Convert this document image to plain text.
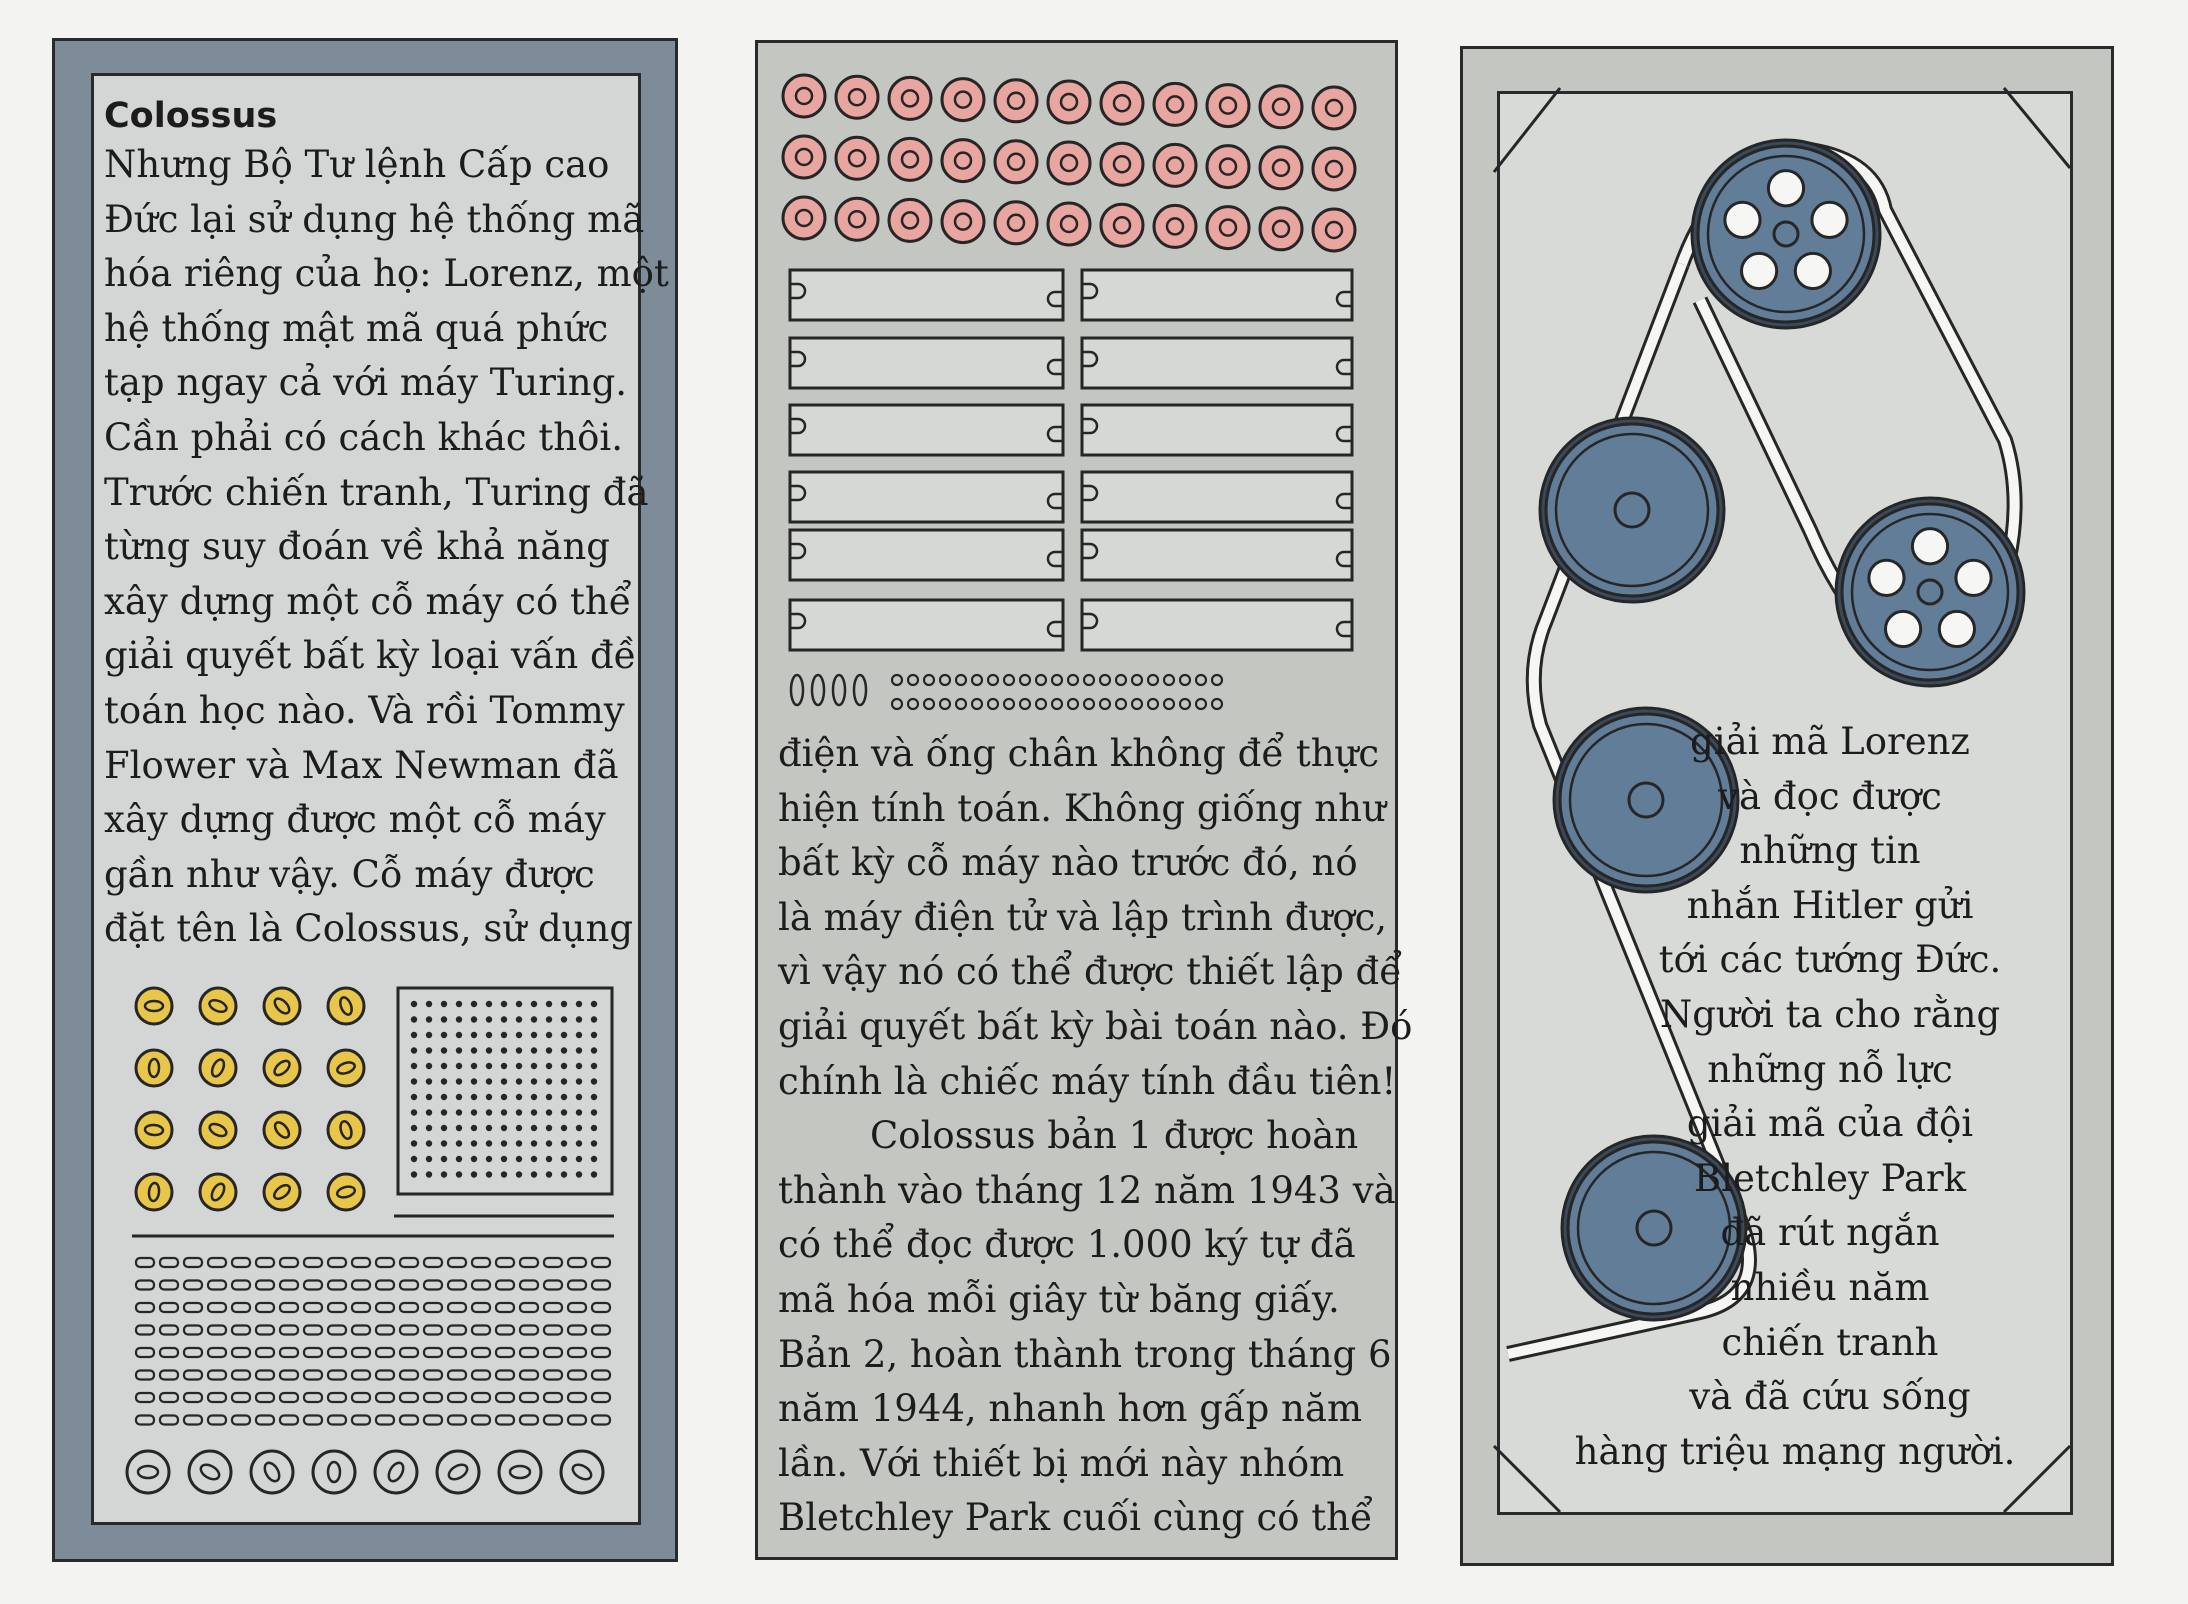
Colossus

Nhưng Bộ Tư lệnh Cấp cao
Đức lại sử dụng hệ thống mã
hóa riêng của họ: Lorenz, một
hệ thống mật mã quá phức
tạp ngay cả với máy Turing.
Cần phải có cách khác thôi.
Trước chiến tranh, Turing đã
từng suy đoán về khả năng
xây dựng một cỗ máy có thể
giải quyết bất kỳ loại vấn đề
toán học nào. Và rồi Tommy
Flower và Max Newman đã
xây dựng được một cỗ máy
gần như vậy. Cỗ máy được
đặt tên là Colossus, sử dụng

điện và ống chân không để thực
hiện tính toán. Không giống như
bất kỳ cỗ máy nào trước đó, nó
là máy điện tử và lập trình được,
vì vậy nó có thể được thiết lập để
giải quyết bất kỳ bài toán nào. Đó
chính là chiếc máy tính đầu tiên!
Colossus bản 1 được hoàn
thành vào tháng 12 năm 1943 và
có thể đọc được 1.000 ký tự đã
mã hóa mỗi giây từ băng giấy.
Bản 2, hoàn thành trong tháng 6
năm 1944, nhanh hơn gấp năm
lần. Với thiết bị mới này nhóm
Bletchley Park cuối cùng có thể

giải mã Lorenz
và đọc được
những tin
nhắn Hitler gửi
tới các tướng Đức.
Người ta cho rằng
những nỗ lực
giải mã của đội
Bletchley Park
đã rút ngắn
nhiều năm
chiến tranh
và đã cứu sống
hàng triệu mạng người.
